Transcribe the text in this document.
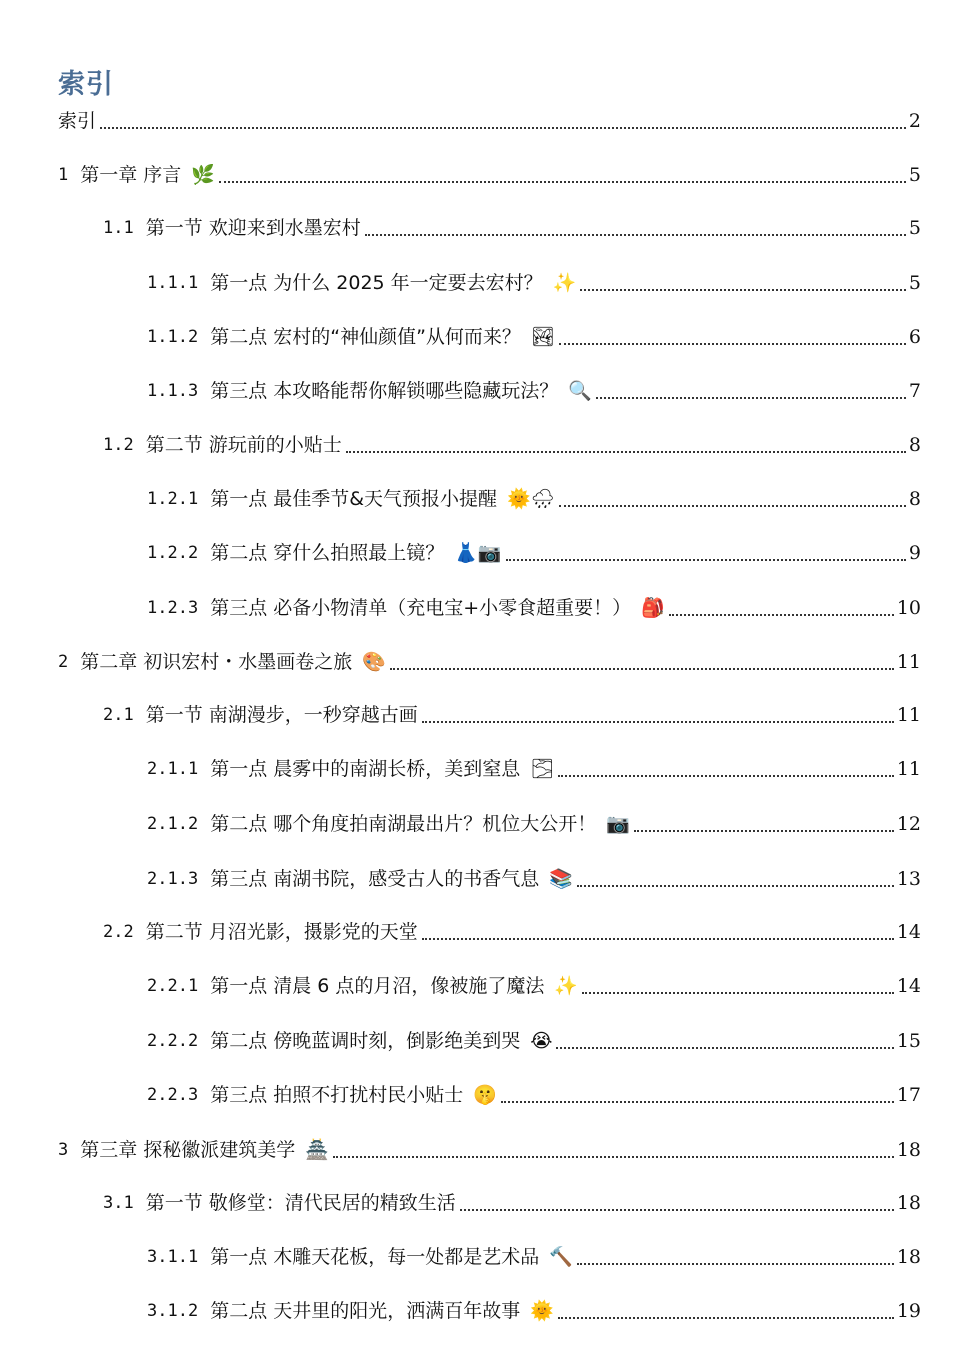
索引
索引	2
1 第一章 序言 🌿	5
1.1 第一节 欢迎来到水墨宏村	5
1.1.1 第一点 为什么 2025 年一定要去宏村？ ✨	5
1.1.2 第二点 宏村的“神仙颜值”从何而来？ 🏞	6
1.1.3 第三点 本攻略能帮你解锁哪些隐藏玩法？ 🔍	7
1.2 第二节 游玩前的小贴士	8
1.2.1 第一点 最佳季节&天气预报小提醒 🌞🌧	8
1.2.2 第二点 穿什么拍照最上镜？ 👗📷	9
1.2.3 第三点 必备小物清单（充电宝+小零食超重要！） 🎒	10
2 第二章 初识宏村・水墨画卷之旅 🎨	11
2.1 第一节 南湖漫步，一秒穿越古画	11
2.1.1 第一点 晨雾中的南湖长桥，美到窒息 🌫	11
2.1.2 第二点 哪个角度拍南湖最出片？机位大公开！ 📷	12
2.1.3 第三点 南湖书院，感受古人的书香气息 📚	13
2.2 第二节 月沼光影，摄影党的天堂	14
2.2.1 第一点 清晨 6 点的月沼，像被施了魔法 ✨	14
2.2.2 第二点 傍晚蓝调时刻，倒影绝美到哭 😭	15
2.2.3 第三点 拍照不打扰村民小贴士 🤫	17
3 第三章 探秘徽派建筑美学 🏯	18
3.1 第一节 敬修堂：清代民居的精致生活	18
3.1.1 第一点 木雕天花板，每一处都是艺术品 🔨	18
3.1.2 第二点 天井里的阳光，洒满百年故事 🌞	19
